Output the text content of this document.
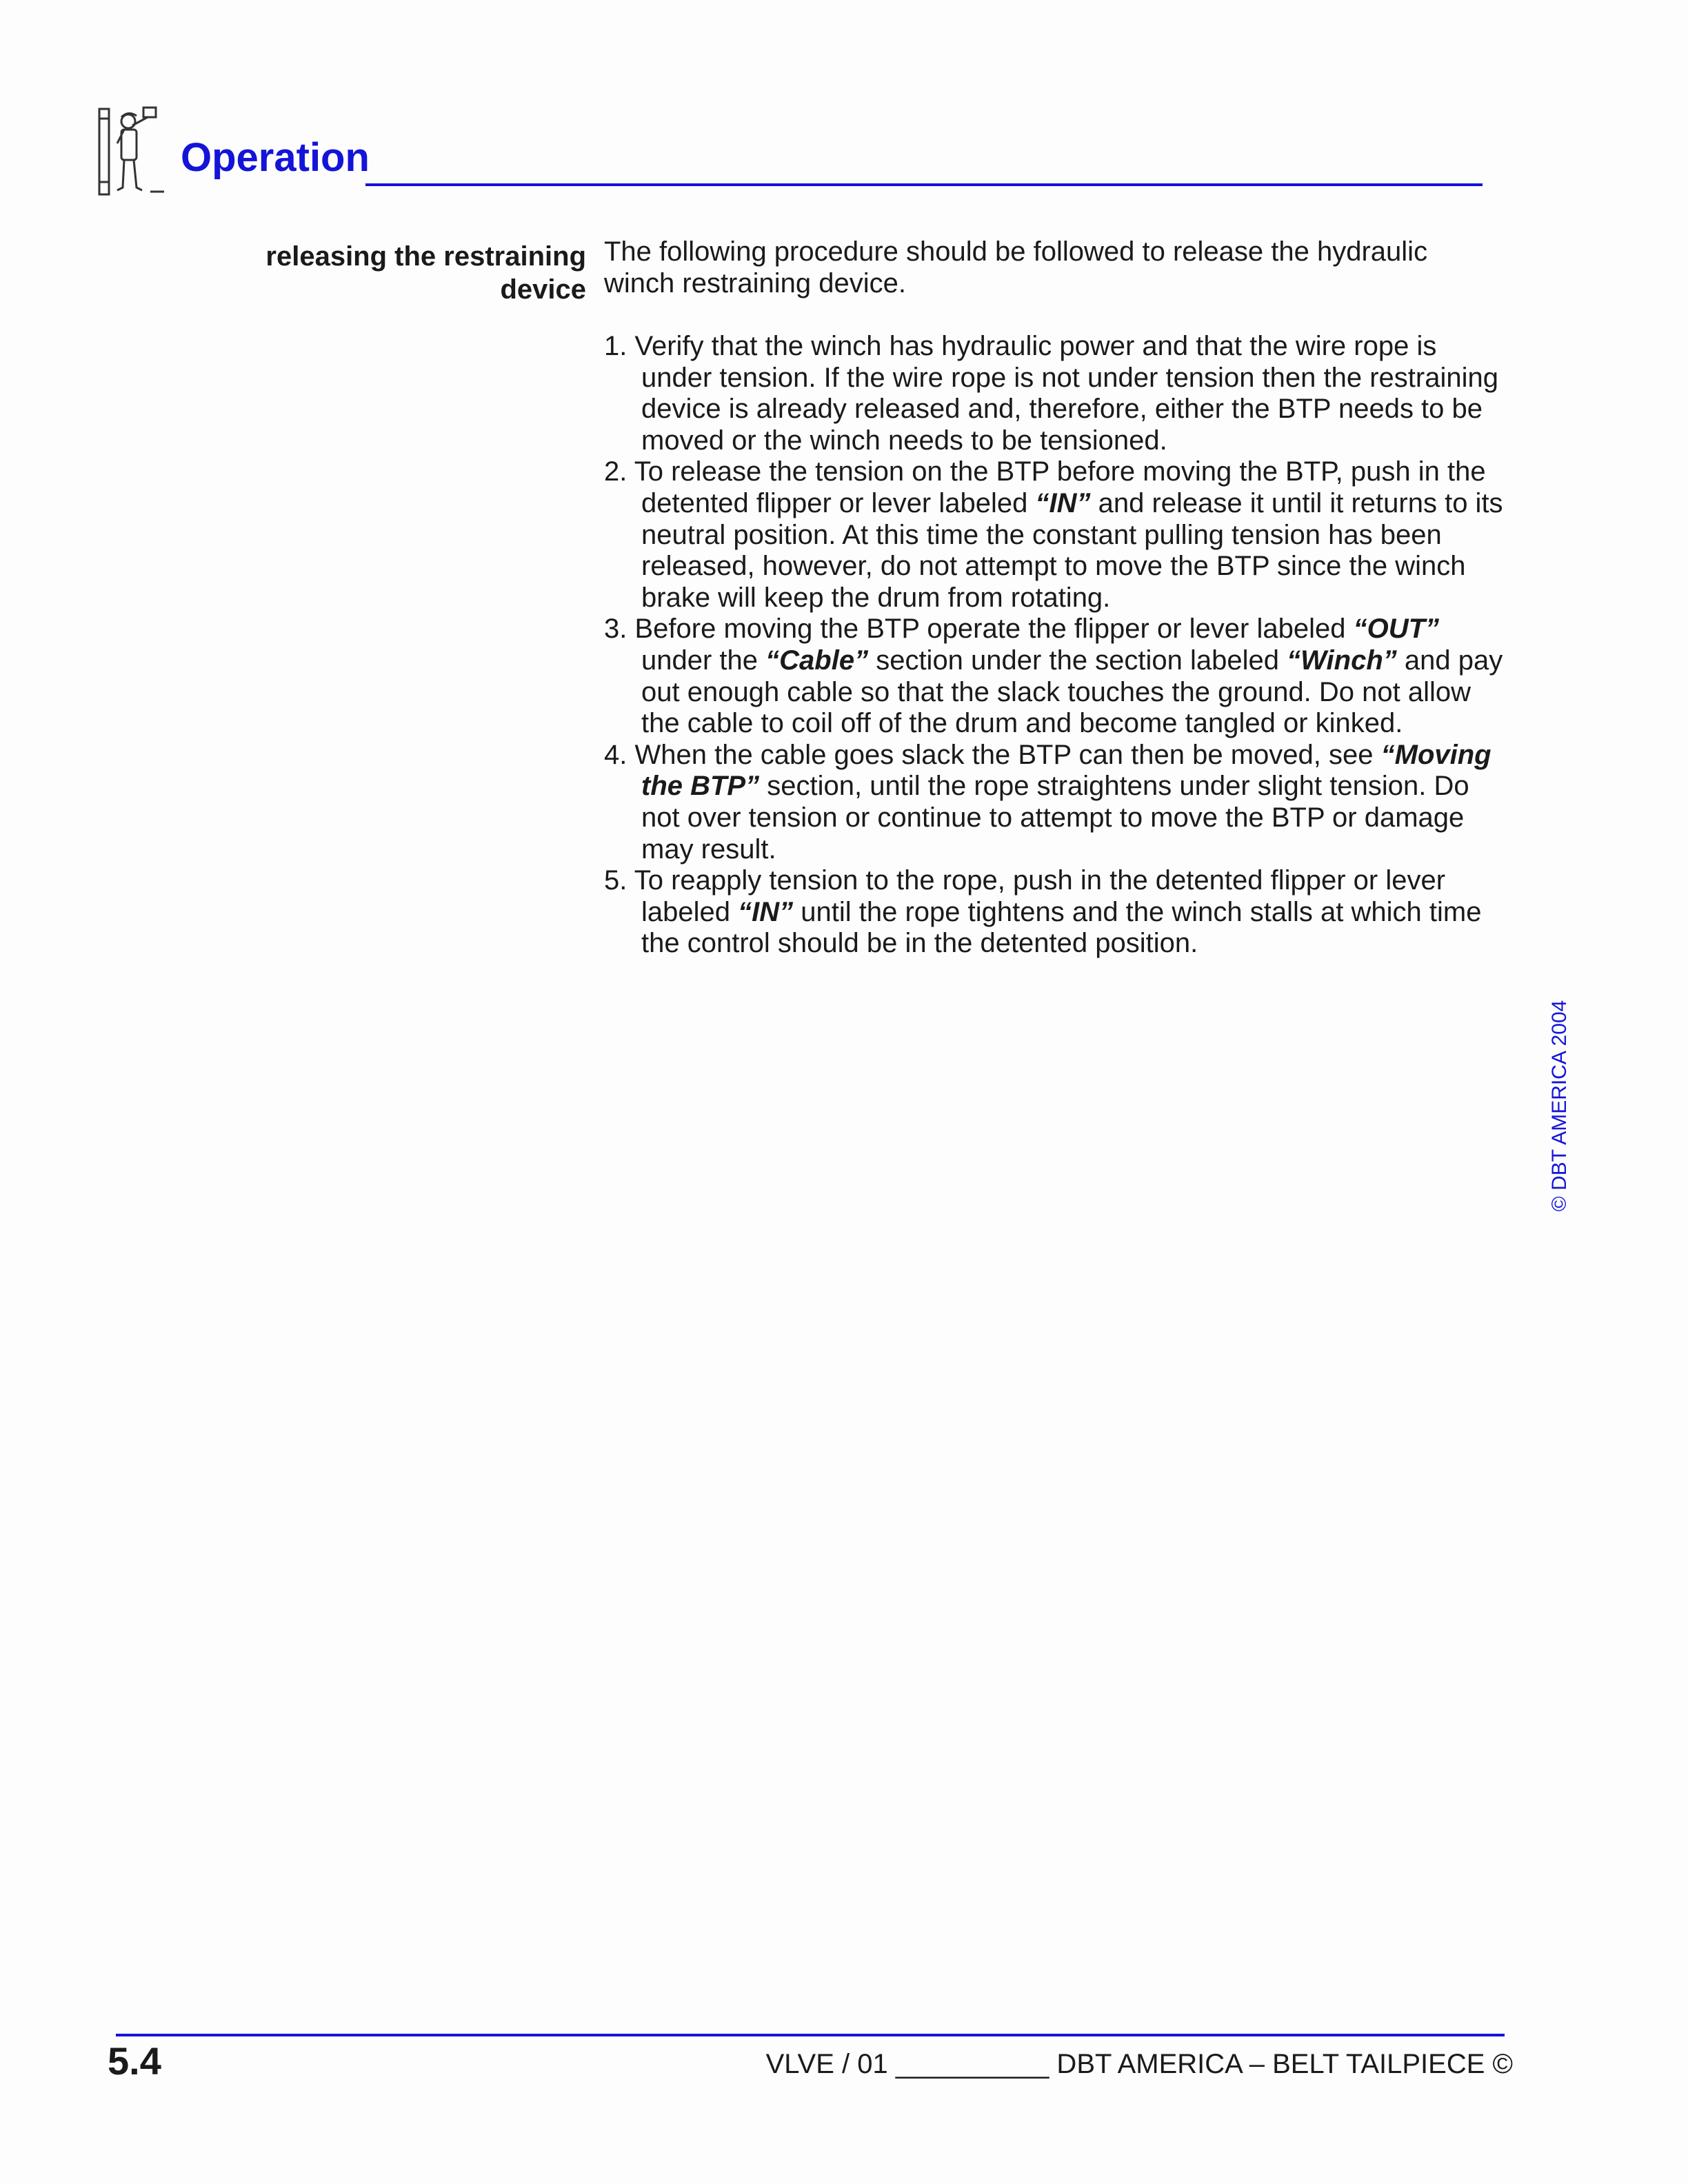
Operation
releasing the restraining device

The following procedure should be followed to release the hydraulic winch restraining device.

1. Verify that the winch has hydraulic power and that the wire rope is under tension. If the wire rope is not under tension then the restraining device is already released and, therefore, either the BTP needs to be moved or the winch needs to be tensioned.
2. To release the tension on the BTP before moving the BTP, push in the detented flipper or lever labeled “IN” and release it until it returns to its neutral position. At this time the constant pulling tension has been released, however, do not attempt to move the BTP since the winch brake will keep the drum from rotating.
3. Before moving the BTP operate the flipper or lever labeled “OUT” under the “Cable” section under the section labeled “Winch” and pay out enough cable so that the slack touches the ground. Do not allow the cable to coil off of the drum and become tangled or kinked.
4. When the cable goes slack the BTP can then be moved, see “Moving the BTP” section, until the rope straightens under slight tension. Do not over tension or continue to attempt to move the BTP or damage may result.
5. To reapply tension to the rope, push in the detented flipper or lever labeled “IN” until the rope tightens and the winch stalls at which time the control should be in the detented position.
© DBT AMERICA 2004
5.4	VLVE / 01 __________ DBT AMERICA – BELT TAILPIECE ©
